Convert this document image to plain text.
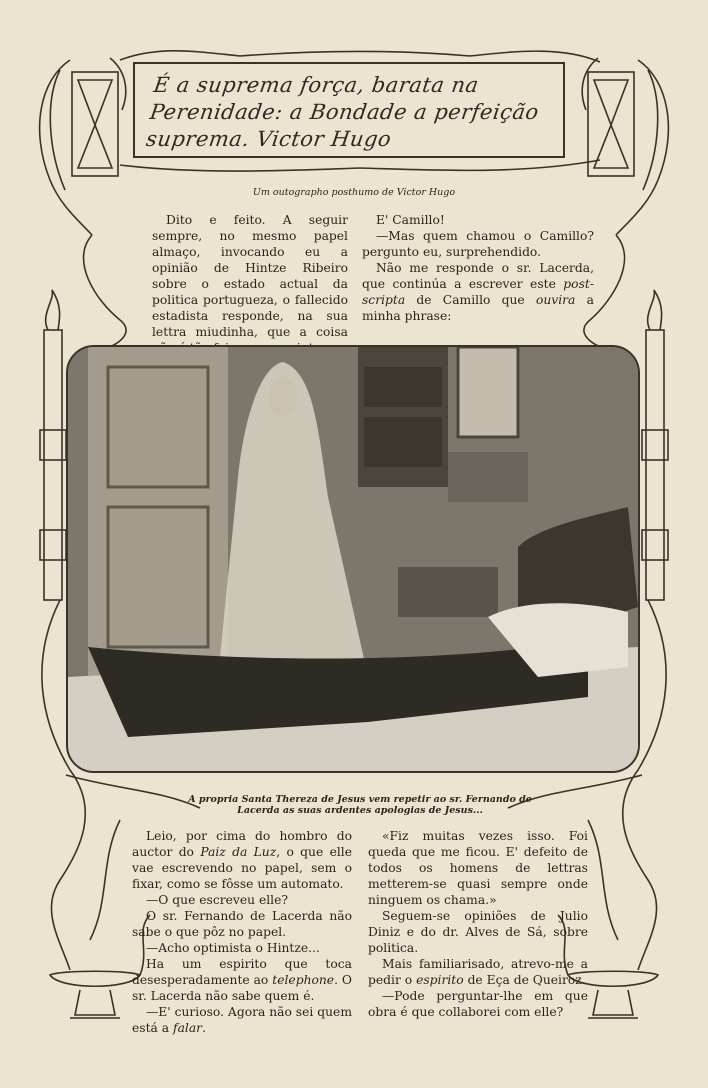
É a suprema força, barata na
Perenidade: a Bondade a perfeição
suprema. Victor Hugo
Um outographo posthumo de Victor Hugo

Dito e feito. A seguir sempre, no mesmo papel almaço, invocando eu a opinião de Hintze Ribeiro sobre o estado actual da politica portugueza, o fallecido estadista responde, na sua lettra miudinha, que a coisa

E' Camillo!

—Mas quem chamou o Camillo? pergunto eu, surprehendido.

Não me responde o sr. Lacerda, que continúa a escrever este post-scripta de Camillo que ouvira a minha phrase:

A propria Santa Thereza de Jesus vem repetir ao sr. Fernando de Lacerda as suas ardentes apologias de Jesus...

Leio, por cima do hombro do auctor do Paiz da Luz, o que elle vae escrevendo no papel, sem o fixar, como se fôsse um automato.

—O que escreveu elle?

O sr. Fernando de Lacerda não sabe o que pôz no papel.

—Acho optimista o Hintze...

Ha um espirito que toca desesperadamente ao telephone. O sr. Lacerda não sabe quem é.

—E' curioso. Agora não sei quem está a falar.

«Fiz muitas vezes isso. Foi queda que me ficou. E' defeito de todos os homens de lettras metterem-se quasi sempre onde ninguem os chama.»

Seguem-se opiniões de Julio Diniz e do dr. Alves de Sá, sobre politica.

Mais familiarisado, atrevo-me a pedir o espirito de Eça de Queiroz.

—Pode perguntar-lhe em que obra é que collaborei com elle?
